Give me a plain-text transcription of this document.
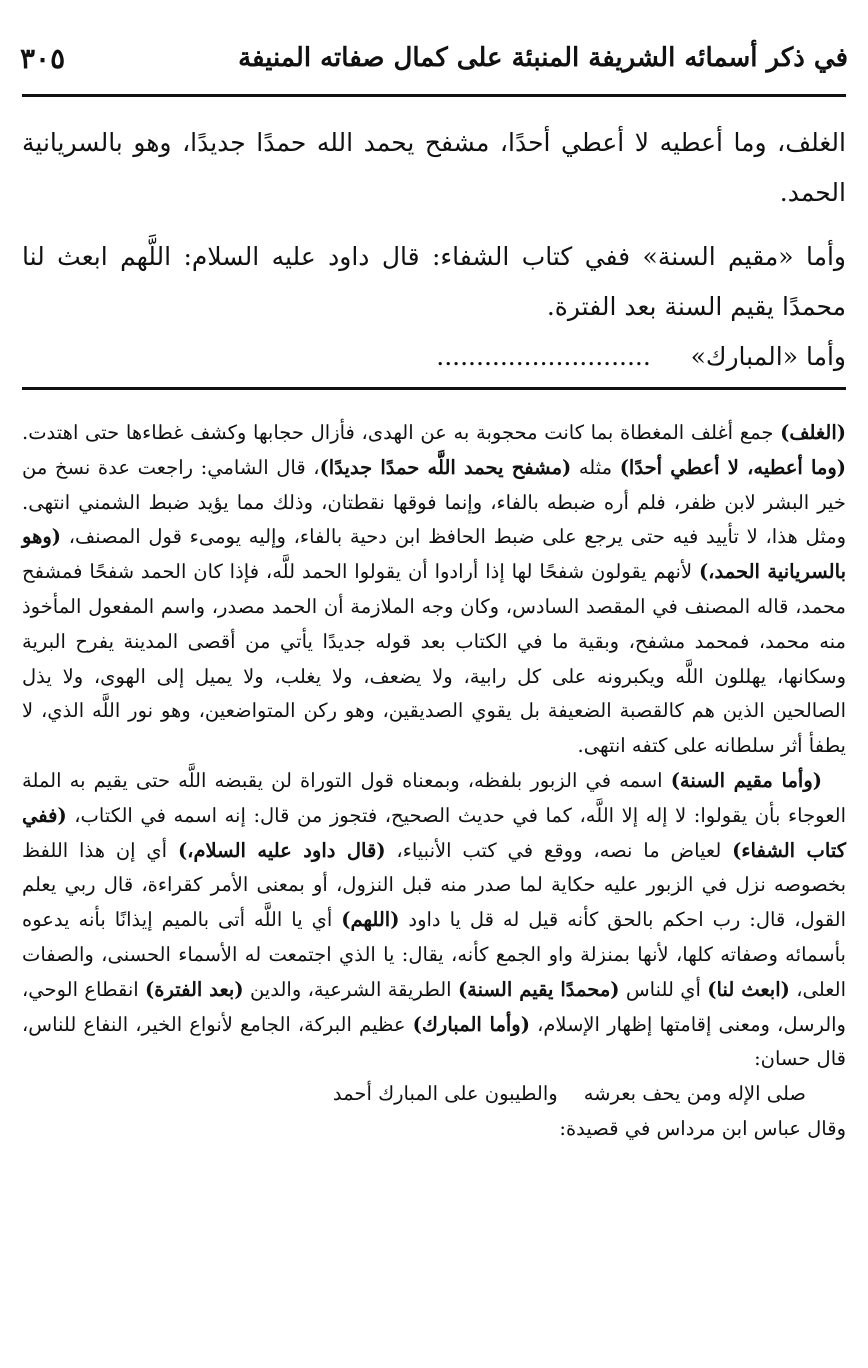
في ذكر أسمائه الشريفة المنبئة على كمال صفاته المنيفة
٣٠٥

الغلف، وما أعطيه لا أعطي أحدًا، مشفح يحمد الله حمدًا جديدًا، وهو بالسريانية الحمد.

وأما «مقيم السنة» ففي كتاب الشفاء: قال داود عليه السلام: اللَّهم ابعث لنا محمدًا يقيم السنة بعد الفترة.

وأما «المبارك»     ...........................

(الغلف) جمع أغلف المغطاة بما كانت محجوبة به عن الهدى، فأزال حجابها وكشف غطاءها حتى اهتدت. (وما أعطيه، لا أعطي أحدًا) مثله (مشفح يحمد اللَّه حمدًا جديدًا)، قال الشامي: راجعت عدة نسخ من خير البشر لابن ظفر، فلم أره ضبطه بالفاء، وإنما فوقها نقطتان، وذلك مما يؤيد ضبط الشمني انتهى. ومثل هذا، لا تأييد فيه حتى يرجع على ضبط الحافظ ابن دحية بالفاء، وإليه يومىء قول المصنف، (وهو بالسريانية الحمد،) لأنهم يقولون شفحًا لها إذا أرادوا أن يقولوا الحمد للَّه، فإذا كان الحمد شفحًا فمشفح محمد، قاله المصنف في المقصد السادس، وكان وجه الملازمة أن الحمد مصدر، واسم المفعول المأخوذ منه محمد، فمحمد مشفح، وبقية ما في الكتاب بعد قوله جديدًا يأتي من أقصى المدينة يفرح البرية وسكانها، يهللون اللَّه ويكبرونه على كل رابية، ولا يضعف، ولا يغلب، ولا يميل إلى الهوى، ولا يذل الصالحين الذين هم كالقصبة الضعيفة بل يقوي الصديقين، وهو ركن المتواضعين، وهو نور اللَّه الذي، لا يطفأ أثر سلطانه على كتفه انتهى.

(وأما مقيم السنة) اسمه في الزبور بلفظه، وبمعناه قول التوراة لن يقبضه اللَّه حتى يقيم به الملة العوجاء بأن يقولوا: لا إله إلا اللَّه، كما في حديث الصحيح، فتجوز من قال: إنه اسمه في الكتاب، (ففي كتاب الشفاء) لعياض ما نصه، ووقع في كتب الأنبياء، (قال داود عليه السلام،) أي إن هذا اللفظ بخصوصه نزل في الزبور عليه حكاية لما صدر منه قبل النزول، أو بمعنى الأمر كقراءة، قال ربي يعلم القول، قال: رب احكم بالحق كأنه قيل له قل يا داود (اللهم) أي يا اللَّه أتى بالميم إيذانًا بأنه يدعوه بأسمائه وصفاته كلها، لأنها بمنزلة واو الجمع كأنه، يقال: يا الذي اجتمعت له الأسماء الحسنى، والصفات العلى، (ابعث لنا) أي للناس (محمدًا يقيم السنة) الطريقة الشرعية، والدين (بعد الفترة) انقطاع الوحي، والرسل، ومعنى إقامتها إظهار الإسلام، (وأما المبارك) عظيم البركة، الجامع لأنواع الخير، النفاع للناس، قال حسان:

صلى الإله ومن يحف بعرشه
والطيبون على المبارك أحمد

وقال عباس ابن مرداس في قصيدة:
